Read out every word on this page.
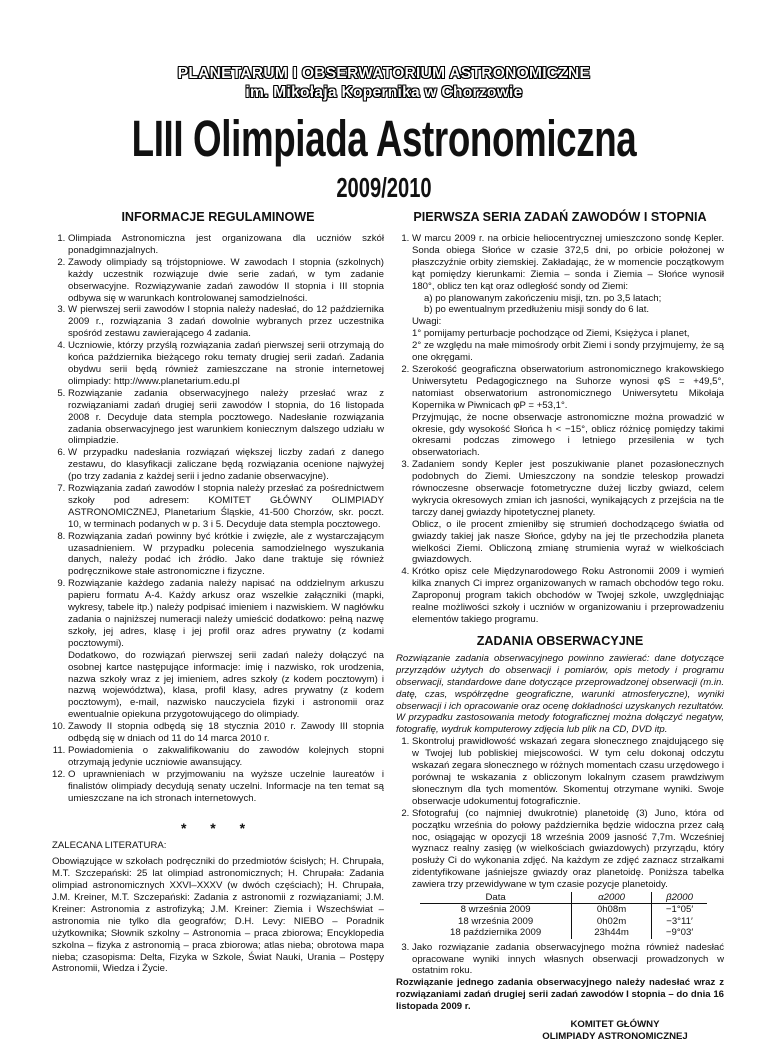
PLANETARUM I OBSERWATORIUM ASTRONOMICZNE
im. Mikołaja Kopernika w Chorzowie
LIII Olimpiada Astronomiczna
2009/2010
INFORMACJE REGULAMINOWE
1. Olimpiada Astronomiczna jest organizowana dla uczniów szkół ponadgimnazjalnych.
2. Zawody olimpiady są trójstopniowe. W zawodach I stopnia (szkolnych) każdy uczestnik rozwiązuje dwie serie zadań, w tym zadanie obserwacyjne. Rozwiązywanie zadań zawodów II stopnia i III stopnia odbywa się w warunkach kontrolowanej samodzielności.
3. W pierwszej serii zawodów I stopnia należy nadesłać, do 12 października 2009 r., rozwiązania 3 zadań dowolnie wybranych przez uczestnika spośród zestawu zawierającego 4 zadania.
4. Uczniowie, którzy przyślą rozwiązania zadań pierwszej serii otrzymają do końca października bieżącego roku tematy drugiej serii zadań. Zadania obydwu serii będą również zamieszczane na stronie internetowej olimpiady: http://www.planetarium.edu.pl
5. Rozwiązanie zadania obserwacyjnego należy przesłać wraz z rozwiązaniami zadań drugiej serii zawodów I stopnia, do 16 listopada 2008 r. Decyduje data stempla pocztowego. Nadesłanie rozwiązania zadania obserwacyjnego jest warunkiem koniecznym dalszego udziału w olimpiadzie.
6. W przypadku nadesłania rozwiązań większej liczby zadań z danego zestawu, do klasyfikacji zaliczane będą rozwiązania ocenione najwyżej (po trzy zadania z każdej serii i jedno zadanie obserwacyjne).
7. Rozwiązania zadań zawodów I stopnia należy przesłać za pośrednictwem szkoły pod adresem: KOMITET GŁÓWNY OLIMPIADY ASTRONOMICZNEJ, Planetarium Śląskie, 41-500 Chorzów, skr. poczt. 10, w terminach podanych w p. 3 i 5. Decyduje data stempla pocztowego.
8. Rozwiązania zadań powinny być krótkie i zwięzłe, ale z wystarczającym uzasadnieniem. W przypadku polecenia samodzielnego wyszukania danych, należy podać ich źródło. Jako dane traktuje się również podręcznikowe stałe astronomiczne i fizyczne.
9. Rozwiązanie każdego zadania należy napisać na oddzielnym arkuszu papieru formatu A-4. Każdy arkusz oraz wszelkie załączniki (mapki, wykresy, tabele itp.) należy podpisać imieniem i nazwiskiem. W nagłówku zadania o najniższej numeracji należy umieścić dodatkowo: pełną nazwę szkoły, jej adres, klasę i jej profil oraz adres prywatny (z kodami pocztowymi).
Dodatkowo, do rozwiązań pierwszej serii zadań należy dołączyć na osobnej kartce następujące informacje: imię i nazwisko, rok urodzenia, nazwa szkoły wraz z jej imieniem, adres szkoły (z kodem pocztowym) i nazwą województwa), klasa, profil klasy, adres prywatny (z kodem pocztowym), e-mail, nazwisko nauczyciela fizyki i astronomii oraz ewentualnie opiekuna przygotowującego do olimpiady.
10. Zawody II stopnia odbędą się 18 stycznia 2010 r. Zawody III stopnia odbędą się w dniach od 11 do 14 marca 2010 r.
11. Powiadomienia o zakwalifikowaniu do zawodów kolejnych stopni otrzymają jedynie uczniowie awansujący.
12. O uprawnieniach w przyjmowaniu na wyższe uczelnie laureatów i finalistów olimpiady decydują senaty uczelni. Informacje na ten temat są umieszczane na ich stronach internetowych.
* * *
ZALECANA LITERATURA:
Obowiązujące w szkołach podręczniki do przedmiotów ścisłych; H. Chrupała, M.T. Szczepański: 25 lat olimpiad astronomicznych; H. Chrupała: Zadania olimpiad astronomicznych XXVI–XXXV (w dwóch częściach); H. Chrupała, J.M. Kreiner, M.T. Szczepański: Zadania z astronomii z rozwiązaniami; J.M. Kreiner: Astronomia z astrofizyką; J.M. Kreiner: Ziemia i Wszechświat – astronomia nie tylko dla geografów; D.H. Levy: NIEBO – Poradnik użytkownika; Słownik szkolny – Astronomia – praca zbiorowa; Encyklopedia szkolna – fizyka z astronomią – praca zbiorowa; atlas nieba; obrotowa mapa nieba; czasopisma: Delta, Fizyka w Szkole, Świat Nauki, Urania – Postępy Astronomii, Wiedza i Życie.
PIERWSZA SERIA ZADAŃ ZAWODÓW I STOPNIA
1. W marcu 2009 r. na orbicie heliocentrycznej umieszczono sondę Kepler. Sonda obiega Słońce w czasie 372,5 dni, po orbicie położonej w płaszczyźnie orbity ziemskiej. Zakładając, że w momencie początkowym kąt pomiędzy kierunkami: Ziemia – sonda i Ziemia – Słońce wynosił 180°, oblicz ten kąt oraz odległość sondy od Ziemi:
a) po planowanym zakończeniu misji, tzn. po 3,5 latach;
b) po ewentualnym przedłużeniu misji sondy do 6 lat.
Uwagi:
1° pomijamy perturbacje pochodzące od Ziemi, Księżyca i planet,
2° ze względu na małe mimośrody orbit Ziemi i sondy przyjmujemy, że są one okręgami.
2. Szerokość geograficzna obserwatorium astronomicznego krakowskiego Uniwersytetu Pedagogicznego na Suhorze wynosi φS = +49,5°, natomiast obserwatorium astronomicznego Uniwersytetu Mikołaja Kopernika w Piwnicach φP = +53,1°.
Przyjmując, że nocne obserwacje astronomiczne można prowadzić w okresie, gdy wysokość Słońca h < −15°, oblicz różnicę pomiędzy takimi okresami podczas zimowego i letniego przesilenia w tych obserwatoriach.
3. Zadaniem sondy Kepler jest poszukiwanie planet pozasłonecznych podobnych do Ziemi. Umieszczony na sondzie teleskop prowadzi równoczesne obserwacje fotometryczne dużej liczby gwiazd, celem wykrycia okresowych zmian ich jasności, wynikających z przejścia na tle tarczy danej gwiazdy hipotetycznej planety.
Oblicz, o ile procent zmieniłby się strumień dochodzącego światła od gwiazdy takiej jak nasze Słońce, gdyby na jej tle przechodziła planeta wielkości Ziemi. Obliczoną zmianę strumienia wyraź w wielkościach gwiazdowych.
4. Krótko opisz cele Międzynarodowego Roku Astronomii 2009 i wymień kilka znanych Ci imprez organizowanych w ramach obchodów tego roku. Zaproponuj program takich obchodów w Twojej szkole, uwzględniając realne możliwości szkoły i uczniów w organizowaniu i przeprowadzeniu elementów takiego programu.
ZADANIA OBSERWACYJNE

Rozwiązanie zadania obserwacyjnego powinno zawierać: dane dotyczące przyrządów użytych do obserwacji i pomiarów, opis metody i programu obserwacji, standardowe dane dotyczące przeprowadzonej obserwacji (m.in. datę, czas, współrzędne geograficzne, warunki atmosferyczne), wyniki obserwacji i ich opracowanie oraz ocenę dokładności uzyskanych rezultatów. W przypadku zastosowania metody fotograficznej można dołączyć negatyw, fotografię, wydruk komputerowy zdjęcia lub plik na CD, DVD itp.

1. Skontroluj prawidłowość wskazań zegara słonecznego znajdującego się w Twojej lub pobliskiej miejscowości. W tym celu dokonaj odczytu wskazań zegara słonecznego w różnych momentach czasu urzędowego i porównaj te wskazania z obliczonym lokalnym czasem prawdziwym słonecznym dla tych momentów. Skomentuj otrzymane wyniki. Swoje obserwacje udokumentuj fotograficznie.
2. Sfotografuj (co najmniej dwukrotnie) planetoidę (3) Juno, która od początku września do połowy października będzie widoczna przez całą noc, osiągając w opozycji 18 września 2009 jasność 7,7m. Wcześniej wyznacz realny zasięg (w wielkościach gwiazdowych) przyrządu, który posłuży Ci do wykonania zdjęć. Na każdym ze zdjęć zaznacz strzałkami zidentyfikowane jaśniejsze gwiazdy oraz planetoidę. Poniższa tabelka zawiera trzy przewidywane w tym czasie pozycje planetoidy.
Data	α2000	β2000
8 września 2009	0h08m	−1°05′
18 września 2009	0h02m	−3°11′
18 października 2009	23h44m	−9°03′
3. Jako rozwiązanie zadania obserwacyjnego można również nadesłać opracowane wyniki innych własnych obserwacji prowadzonych w ostatnim roku.

Rozwiązanie jednego zadania obserwacyjnego należy nadesłać wraz z rozwiązaniami zadań drugiej serii zadań zawodów I stopnia – do dnia 16 listopada 2009 r.

KOMITET GŁÓWNY
OLIMPIADY ASTRONOMICZNEJ
